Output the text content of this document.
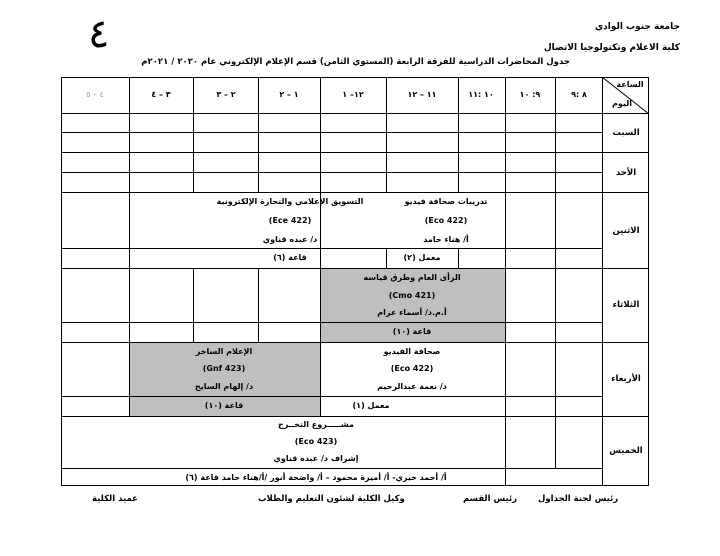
٤	جامعة جنوب الوادي
كلية الاعلام وتكنولوجيا الاتصال
جدول المحاضرات الدراسية للفرقة الرابعة (المستوي الثامن) قسم الإعلام الإلكتروني عام ٢٠٢٠ / ٢٠٢١م
الساعة
اليوم
٨ :٩
٩: ١٠
١٠ :١١
١١ – ١٢
١٢– ١
١ – ٢
٢ – ٣
٣ – ٤
٤ – ٥
السبت
الأحد
الاثنين
الثلاثاء
الأربعاء
الخميس
تدريبات صحافة فيديو
(Eco 422)
أ/ هناء حامد
معمل (٢)
التسويق الإعلامي والتجارة الإلكترونية
(Ece 422)
د/ عبده قناوي
قاعة (٦)
الرأى العام وطرق قياسه
(Cmo 421)
أ.م.د/ أسماء عزام
قاعة (١٠)
صحافة الفيديو
(Eco 422)
د/ نعمة عبدالرحيم
معمل (١)
الإعلام الساخر
(Gnf 423)
د/ إلهام السايح
قاعة (١٠)
مشـــــروع التخــرج
(Eco 423)
إشراف د/ عبده قناوي
أ/ أحمد خيري- أ/ أميرة محمود – أ/ واضحة أنور /أ/هناء حامد قاعة (٦)
رئيس لجنة الجداول
رئيس القسم
وكيل الكلية لشئون التعليم والطلاب
عميد الكلية
